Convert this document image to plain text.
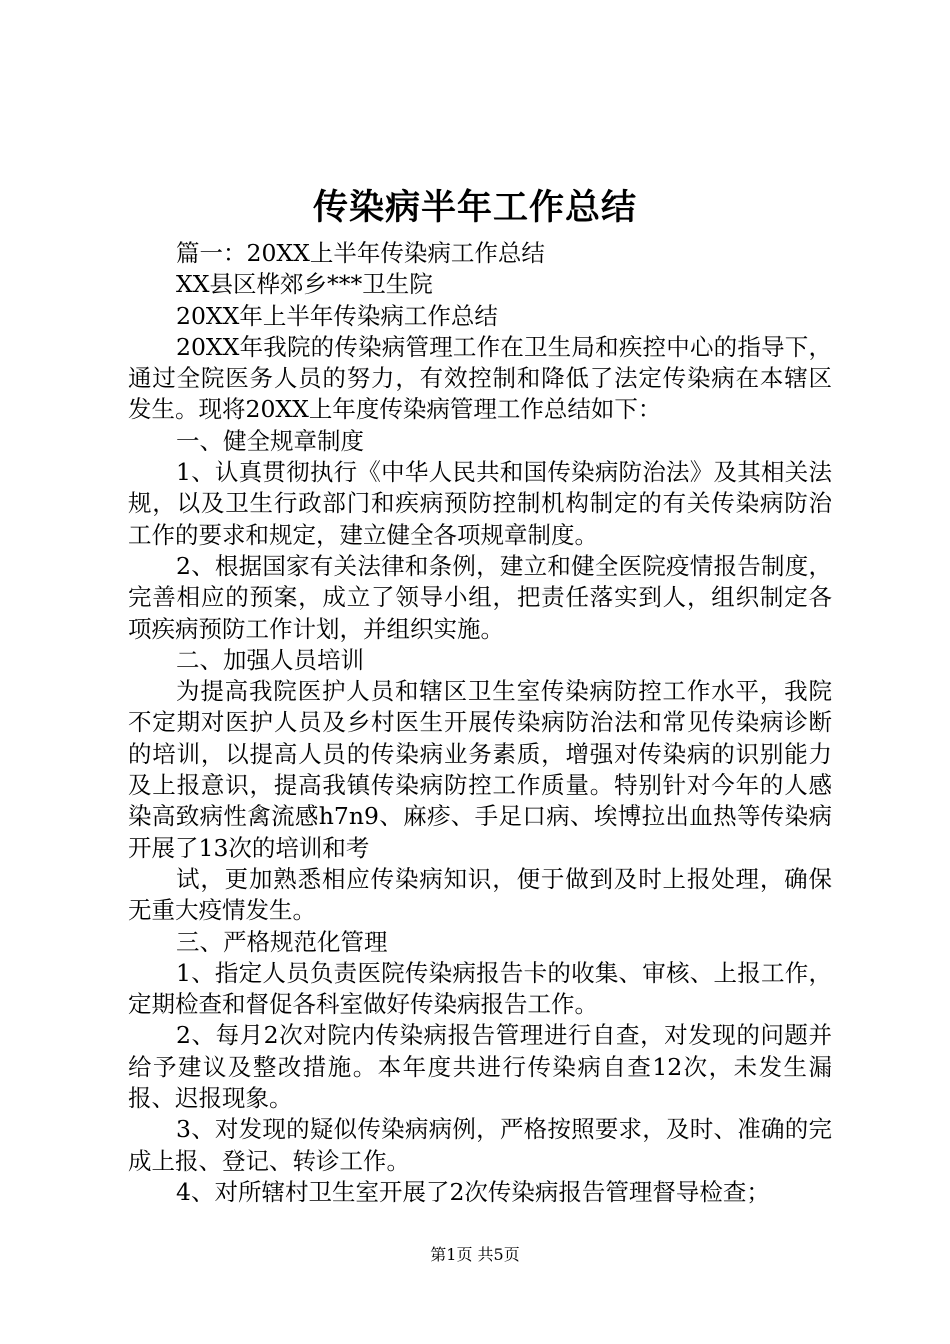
传染病半年工作总结

篇一：20XX上半年传染病工作总结

XX县区桦郊乡***卫生院

20XX年上半年传染病工作总结

20XX年我院的传染病管理工作在卫生局和疾控中心的指导下，通过全院医务人员的努力，有效控制和降低了法定传染病在本辖区发生。现将20XX上年度传染病管理工作总结如下：

一、健全规章制度

1、认真贯彻执行《中华人民共和国传染病防治法》及其相关法规，以及卫生行政部门和疾病预防控制机构制定的有关传染病防治工作的要求和规定，建立健全各项规章制度。

2、根据国家有关法律和条例，建立和健全医院疫情报告制度，完善相应的预案，成立了领导小组，把责任落实到人，组织制定各项疾病预防工作计划，并组织实施。

二、加强人员培训

为提高我院医护人员和辖区卫生室传染病防控工作水平，我院不定期对医护人员及乡村医生开展传染病防治法和常见传染病诊断的培训，以提高人员的传染病业务素质，增强对传染病的识别能力及上报意识，提高我镇传染病防控工作质量。特别针对今年的人感染高致病性禽流感h7n9、麻疹、手足口病、埃博拉出血热等传染病开展了13次的培训和考

试，更加熟悉相应传染病知识，便于做到及时上报处理，确保无重大疫情发生。

三、严格规范化管理

1、指定人员负责医院传染病报告卡的收集、审核、上报工作，定期检查和督促各科室做好传染病报告工作。

2、每月2次对院内传染病报告管理进行自查，对发现的问题并给予建议及整改措施。本年度共进行传染病自查12次，未发生漏报、迟报现象。

3、对发现的疑似传染病病例，严格按照要求，及时、准确的完成上报、登记、转诊工作。

4、对所辖村卫生室开展了2次传染病报告管理督导检查；

第1页 共5页
